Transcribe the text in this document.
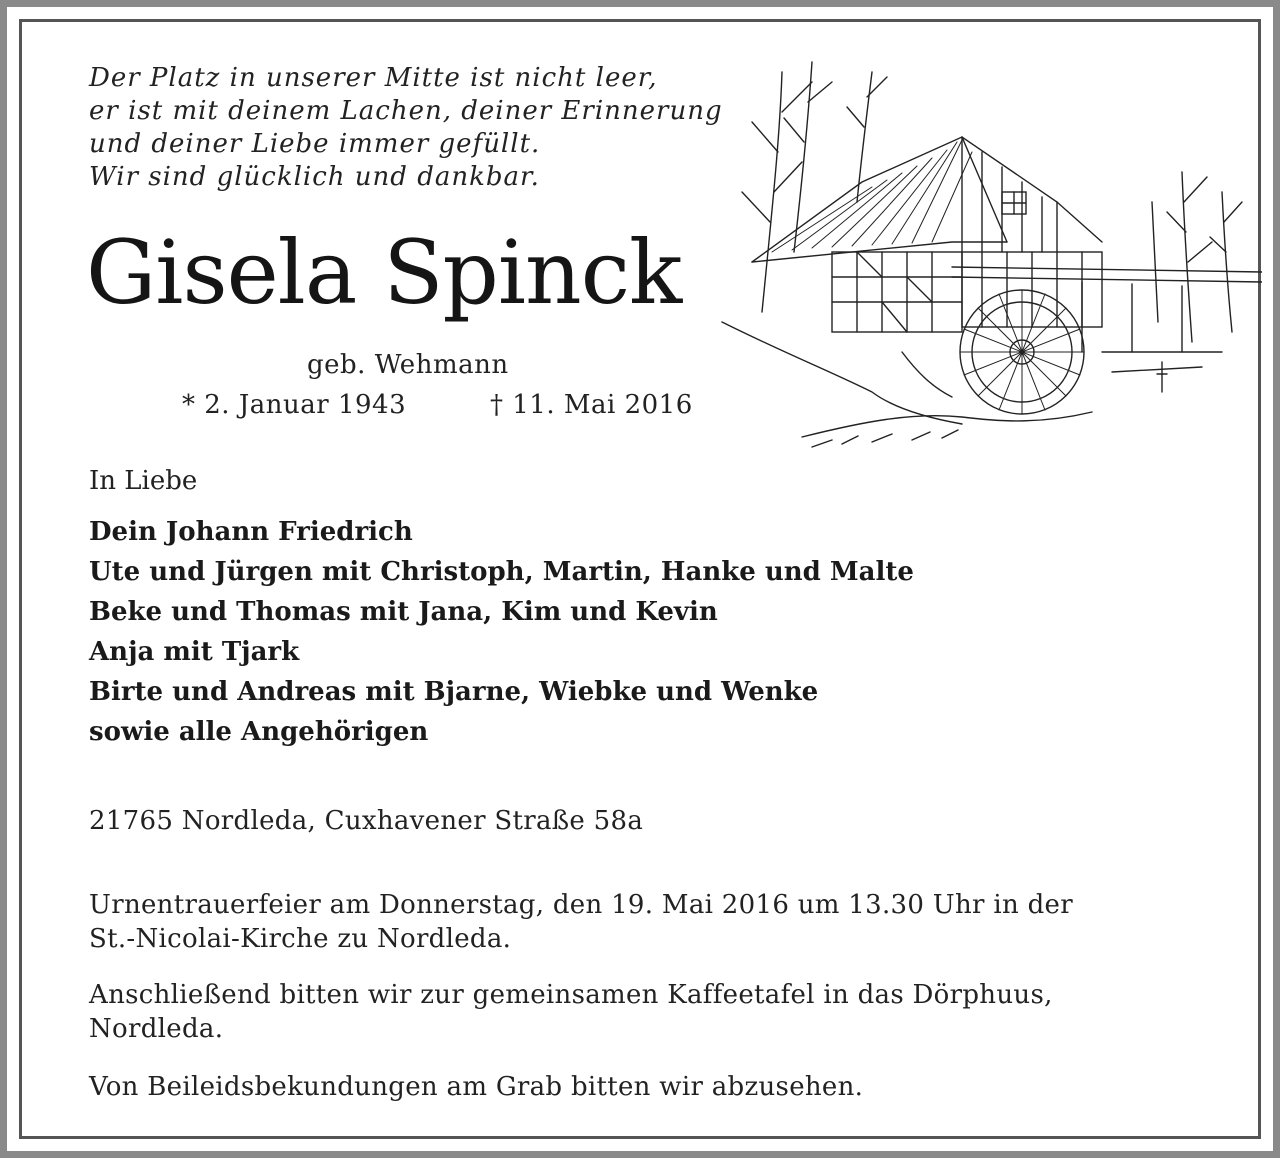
Der Platz in unserer Mitte ist nicht leer,
er ist mit deinem Lachen, deiner Erinnerung
und deiner Liebe immer gefüllt.
Wir sind glücklich und dankbar.
Gisela Spinck
geb. Wehmann
* 2. Januar 1943	† 11. Mai 2016
In Liebe
Dein Johann Friedrich
Ute und Jürgen mit Christoph, Martin, Hanke und Malte
Beke und Thomas mit Jana, Kim und Kevin
Anja mit Tjark
Birte und Andreas mit Bjarne, Wiebke und Wenke
sowie alle Angehörigen
21765 Nordleda, Cuxhavener Straße 58a
Urnentrauerfeier am Donnerstag, den 19. Mai 2016 um 13.30 Uhr in der
St.-Nicolai-Kirche zu Nordleda.
Anschließend bitten wir zur gemeinsamen Kaffeetafel in das Dörphuus,
Nordleda.
Von Beileidsbekundungen am Grab bitten wir abzusehen.
